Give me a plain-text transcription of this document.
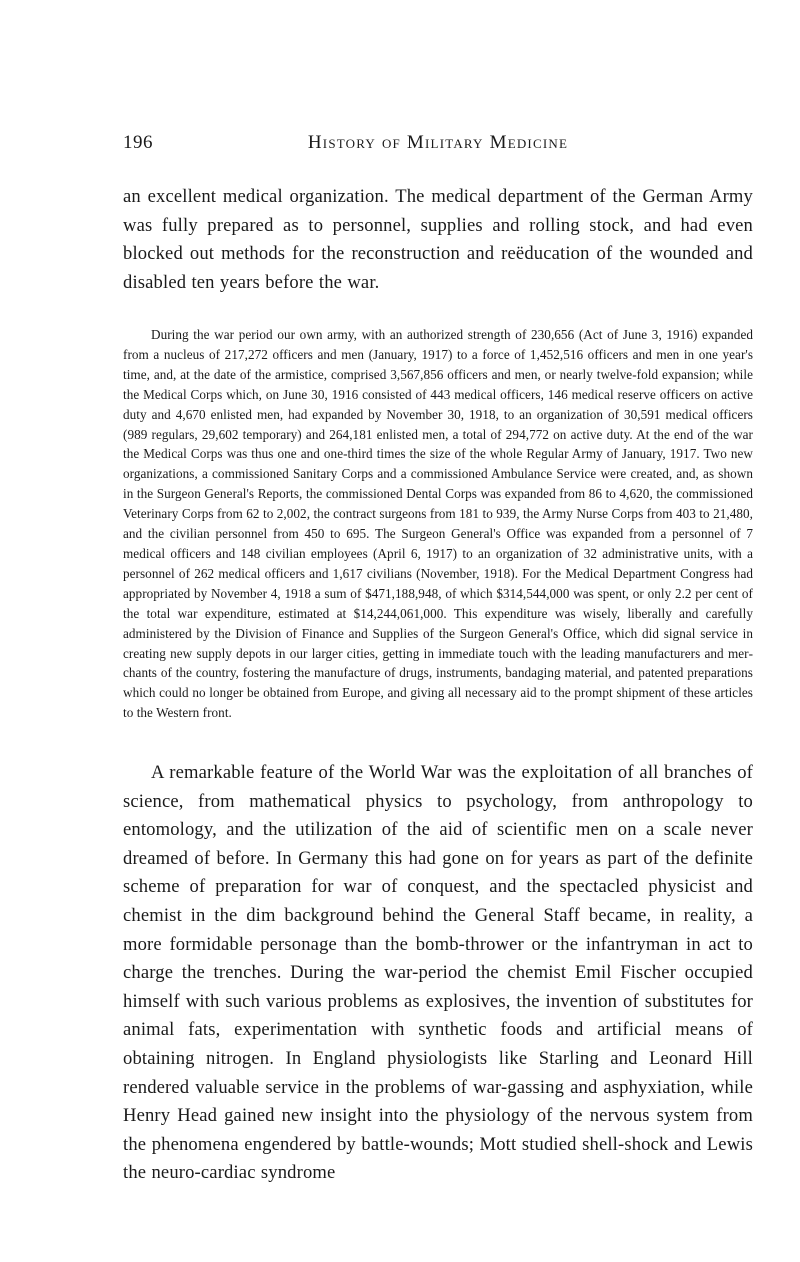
196	History of Military Medicine

an excellent medical organization. The medical department of the German Army was fully prepared as to personnel, supplies and rolling stock, and had even blocked out methods for the reconstruction and reëducation of the wounded and disabled ten years before the war.

During the war period our own army, with an authorized strength of 230,656 (Act of June 3, 1916) expanded from a nucleus of 217,272 officers and men (January, 1917) to a force of 1,452,516 officers and men in one year's time, and, at the date of the armistice, comprised 3,567,856 officers and men, or nearly twelve-fold expansion; while the Medical Corps which, on June 30, 1916 consisted of 443 medical officers, 146 medical reserve officers on active duty and 4,670 enlisted men, had expanded by November 30, 1918, to an organization of 30,591 medical officers (989 regulars, 29,602 temporary) and 264,181 enlisted men, a total of 294,772 on active duty. At the end of the war the Medical Corps was thus one and one-third times the size of the whole Regular Army of January, 1917. Two new organizations, a commissioned Sanitary Corps and a commissioned Ambulance Service were created, and, as shown in the Surgeon General's Reports, the commissioned Dental Corps was expanded from 86 to 4,620, the commissioned Veterinary Corps from 62 to 2,002, the contract surgeons from 181 to 939, the Army Nurse Corps from 403 to 21,480, and the civilian personnel from 450 to 695. The Surgeon General's Office was expanded from a personnel of 7 medical officers and 148 civilian employees (April 6, 1917) to an organization of 32 administrative units, with a personnel of 262 medical officers and 1,617 civilians (November, 1918). For the Medical Department Congress had appropriated by November 4, 1918 a sum of $471,188,948, of which $314,544,000 was spent, or only 2.2 per cent of the total war expenditure, estimated at $14,244,061,000. This expenditure was wisely, liberally and carefully administered by the Division of Finance and Supplies of the Surgeon General's Office, which did signal service in creating new supply depots in our larger cities, getting in immediate touch with the leading manufacturers and merchants of the country, fostering the manufacture of drugs, instruments, bandaging material, and patented preparations which could no longer be obtained from Europe, and giving all necessary aid to the prompt shipment of these articles to the Western front.

A remarkable feature of the World War was the exploitation of all branches of science, from mathematical physics to psychology, from anthropology to entomology, and the utilization of the aid of scientific men on a scale never dreamed of before. In Germany this had gone on for years as part of the definite scheme of preparation for war of conquest, and the spectacled physicist and chemist in the dim background behind the General Staff became, in reality, a more formidable personage than the bomb-thrower or the infantryman in act to charge the trenches. During the war-period the chemist Emil Fischer occupied himself with such various problems as explosives, the invention of substitutes for animal fats, experimentation with synthetic foods and artificial means of obtaining nitrogen. In England physiologists like Starling and Leonard Hill rendered valuable service in the problems of war-gassing and asphyxiation, while Henry Head gained new insight into the physiology of the nervous system from the phenomena engendered by battle-wounds; Mott studied shell-shock and Lewis the neuro-cardiac syndrome
